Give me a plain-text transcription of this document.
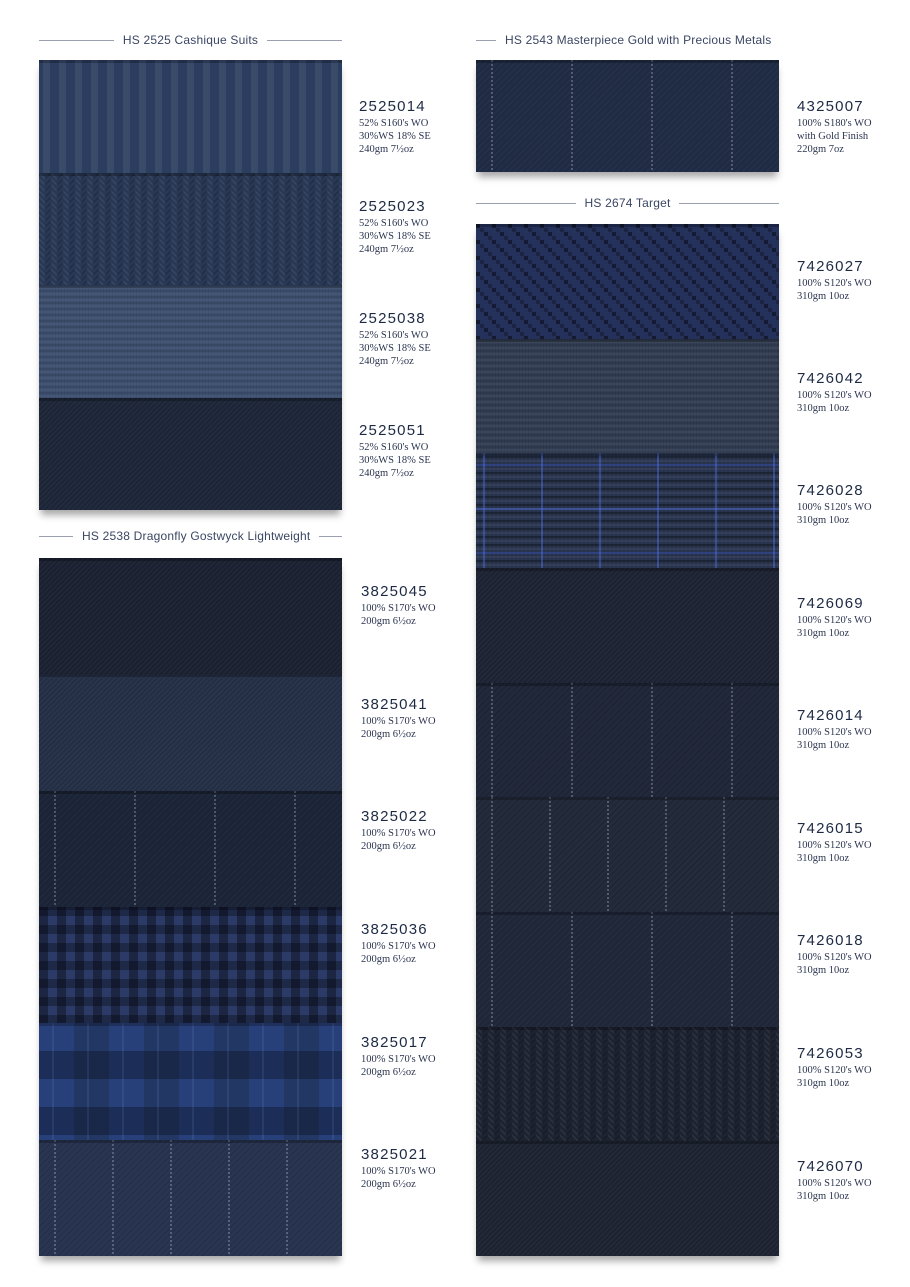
HS 2525 Cashique Suits
HS 2538 Dragonfly Gostwyck Lightweight
HS 2543 Masterpiece Gold with Precious Metals
HS 2674 Target
2525014
52% S160's WO
30%WS 18% SE
240gm 7½oz
2525023
52% S160's WO
30%WS 18% SE
240gm 7½oz
2525038
52% S160's WO
30%WS 18% SE
240gm 7½oz
2525051
52% S160's WO
30%WS 18% SE
240gm 7½oz
3825045
100% S170's WO
200gm 6½oz
3825041
100% S170's WO
200gm 6½oz
3825022
100% S170's WO
200gm 6½oz
3825036
100% S170's WO
200gm 6½oz
3825017
100% S170's WO
200gm 6½oz
3825021
100% S170's WO
200gm 6½oz
4325007
100% S180's WO
with Gold Finish
220gm 7oz
7426027
100% S120's WO
310gm 10oz
7426042
100% S120's WO
310gm 10oz
7426028
100% S120's WO
310gm 10oz
7426069
100% S120's WO
310gm 10oz
7426014
100% S120's WO
310gm 10oz
7426015
100% S120's WO
310gm 10oz
7426018
100% S120's WO
310gm 10oz
7426053
100% S120's WO
310gm 10oz
7426070
100% S120's WO
310gm 10oz
